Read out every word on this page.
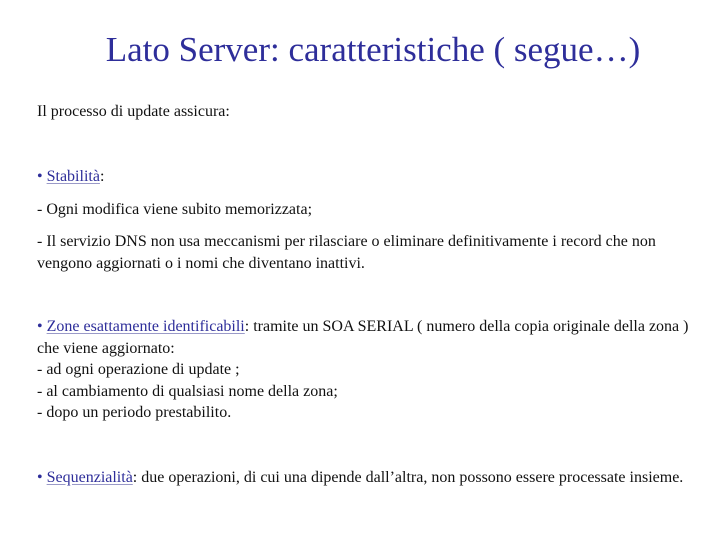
Lato Server: caratteristiche ( segue…)
Il processo di update assicura:
• Stabilità:
- Ogni modifica viene subito memorizzata;
- Il servizio DNS non usa meccanismi per rilasciare o eliminare definitivamente i record che non vengono aggiornati o i nomi che diventano inattivi.
• Zone esattamente identificabili: tramite un SOA SERIAL ( numero della copia originale della zona ) che viene aggiornato:
- ad ogni operazione di update ;
- al cambiamento di qualsiasi nome della zona;
- dopo un periodo prestabilito.
• Sequenzialità: due operazioni, di cui una dipende dall’altra, non possono essere processate insieme.
